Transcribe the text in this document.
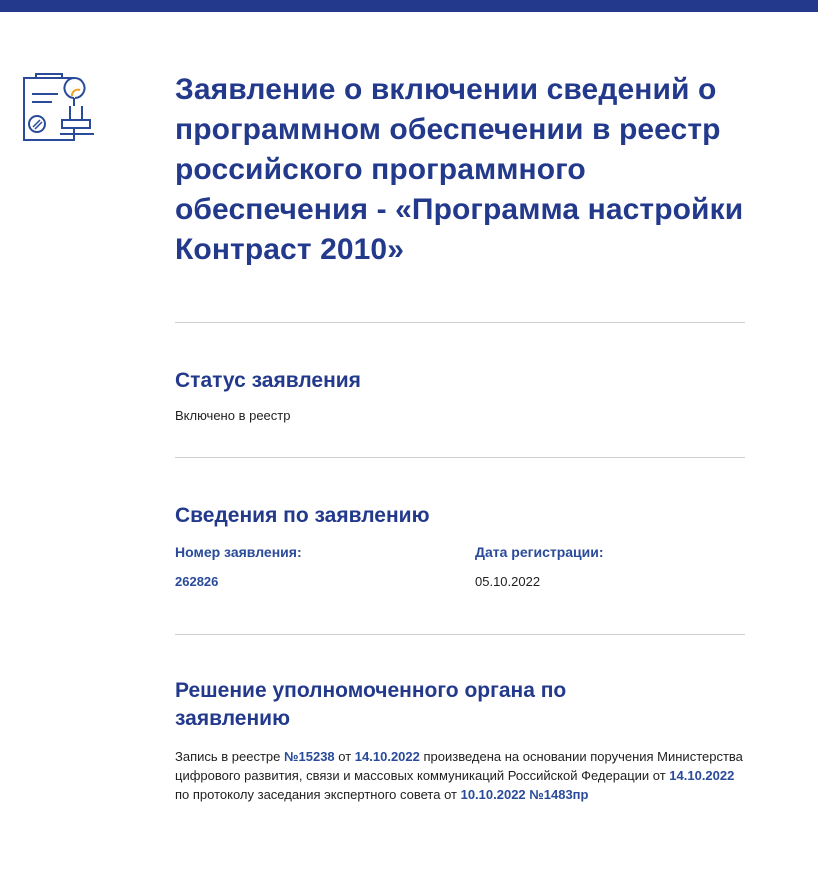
Заявление о включении сведений о программном обеспечении в реестр российского программного обеспечения - «Программа настройки Контраст 2010»
Статус заявления
Включено в реестр
Сведения по заявлению
Номер заявления:
262826
Дата регистрации:
05.10.2022
Решение уполномоченного органа по заявлению
Запись в реестре №15238 от 14.10.2022 произведена на основании поручения Министерства цифрового развития, связи и массовых коммуникаций Российской Федерации от 14.10.2022 по протоколу заседания экспертного совета от 10.10.2022 №1483пр
